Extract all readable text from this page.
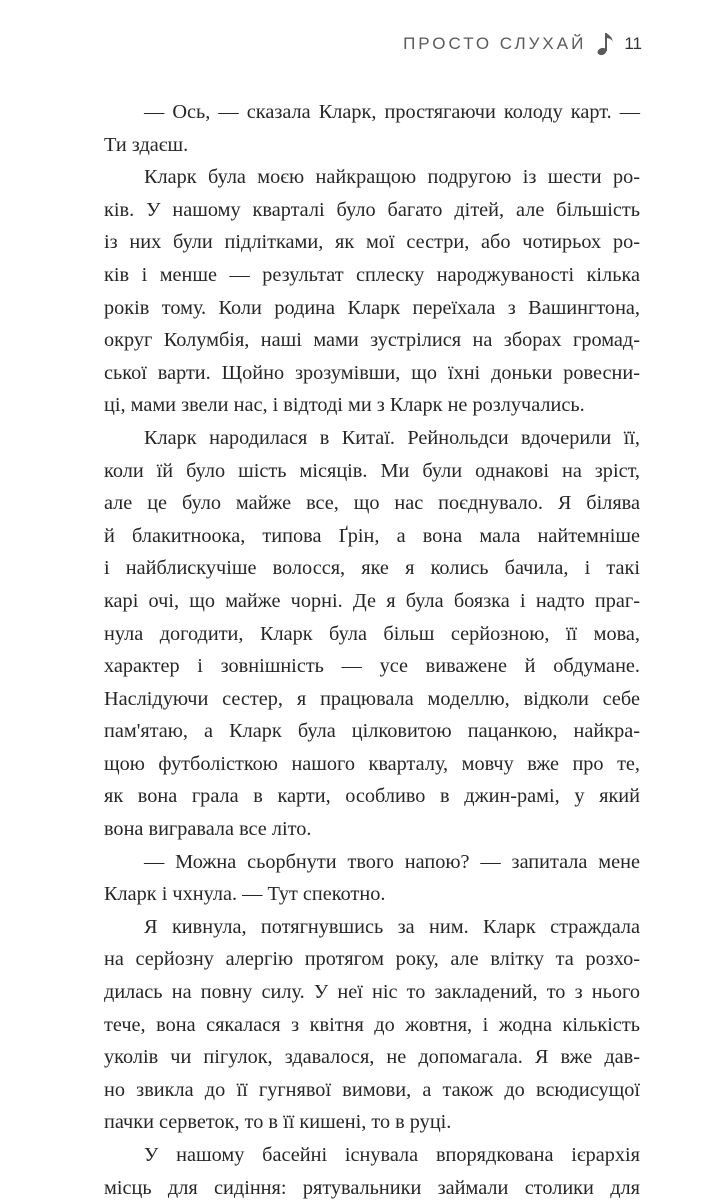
ПРОСТО СЛУХАЙ 11

— Ось, — сказала Кларк, простягаючи колоду карт. —

Ти здаєш.

Кларк була моєю найкращою подругою із шести ро-

ків. У нашому кварталі було багато дітей, але більшість

із них були підлітками, як мої сестри, або чотирьох ро-

ків і менше — результат сплеску народжуваності кілька

років тому. Коли родина Кларк переїхала з Вашингтона,

округ Колумбія, наші мами зустрілися на зборах громад-

ської варти. Щойно зрозумівши, що їхні доньки ровесни-

ці, мами звели нас, і відтоді ми з Кларк не розлучались.

Кларк народилася в Китаї. Рейнольдси вдочерили її,

коли їй було шість місяців. Ми були однакові на зріст,

але це було майже все, що нас поєднувало. Я білява

й блакитноока, типова Ґрін, а вона мала найтемніше

і найблискучіше волосся, яке я колись бачила, і такі

карі очі, що майже чорні. Де я була боязка і надто праг-

нула догодити, Кларк була більш серйозною, її мова,

характер і зовнішність — усе виважене й обдумане.

Наслідуючи сестер, я працювала моделлю, відколи себе

пам'ятаю, а Кларк була цілковитою пацанкою, найкра-

щою футболісткою нашого кварталу, мовчу вже про те,

як вона грала в карти, особливо в джин-рамі, у який

вона вигравала все літо.

— Можна сьорбнути твого напою? — запитала мене

Кларк і чхнула. — Тут спекотно.

Я кивнула, потягнувшись за ним. Кларк страждала

на серйозну алергію протягом року, але влітку та розхо-

дилась на повну силу. У неї ніс то закладений, то з нього

тече, вона сякалася з квітня до жовтня, і жодна кількість

уколів чи пігулок, здавалося, не допомагала. Я вже дав-

но звикла до її гугнявої вимови, а також до всюдисущої

пачки серветок, то в її кишені, то в руці.

У нашому басейні існувала впорядкована ієрархія

місць для сидіння: рятувальники займали столики для
